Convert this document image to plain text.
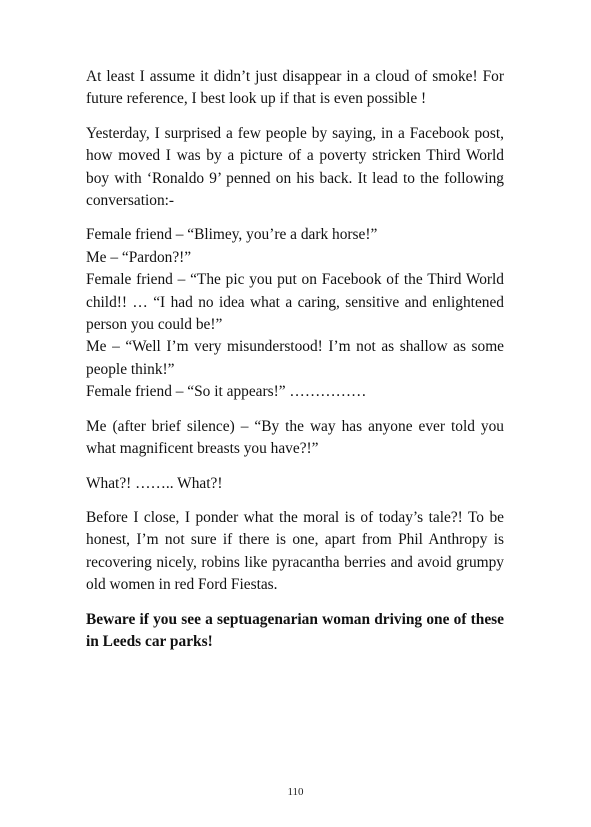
At least I assume it didn’t just disappear in a cloud of smoke! For future reference, I best look up if that is even possible !

Yesterday, I surprised a few people by saying, in a Facebook post, how moved I was by a picture of a poverty stricken Third World boy with ‘Ronaldo 9’ penned on his back. It lead to the following conversation:-

Female friend – “Blimey, you’re a dark horse!”

Me – “Pardon?!”

Female friend – “The pic you put on Facebook of the Third World child!! … “I had no idea what a caring, sensitive and enlightened person you could be!”

Me – “Well I’m very misunderstood! I’m not as shallow as some people think!”

Female friend – “So it appears!” ……………

Me (after brief silence) – “By the way has anyone ever told you what magnificent breasts you have?!”

What?! …….. What?!

Before I close, I ponder what the moral is of today’s tale?! To be honest, I’m not sure if there is one, apart from Phil Anthropy is recovering nicely, robins like pyracantha berries and avoid grumpy old women in red Ford Fiestas.

Beware if you see a septuagenarian woman driving one of these in Leeds car parks!

110
